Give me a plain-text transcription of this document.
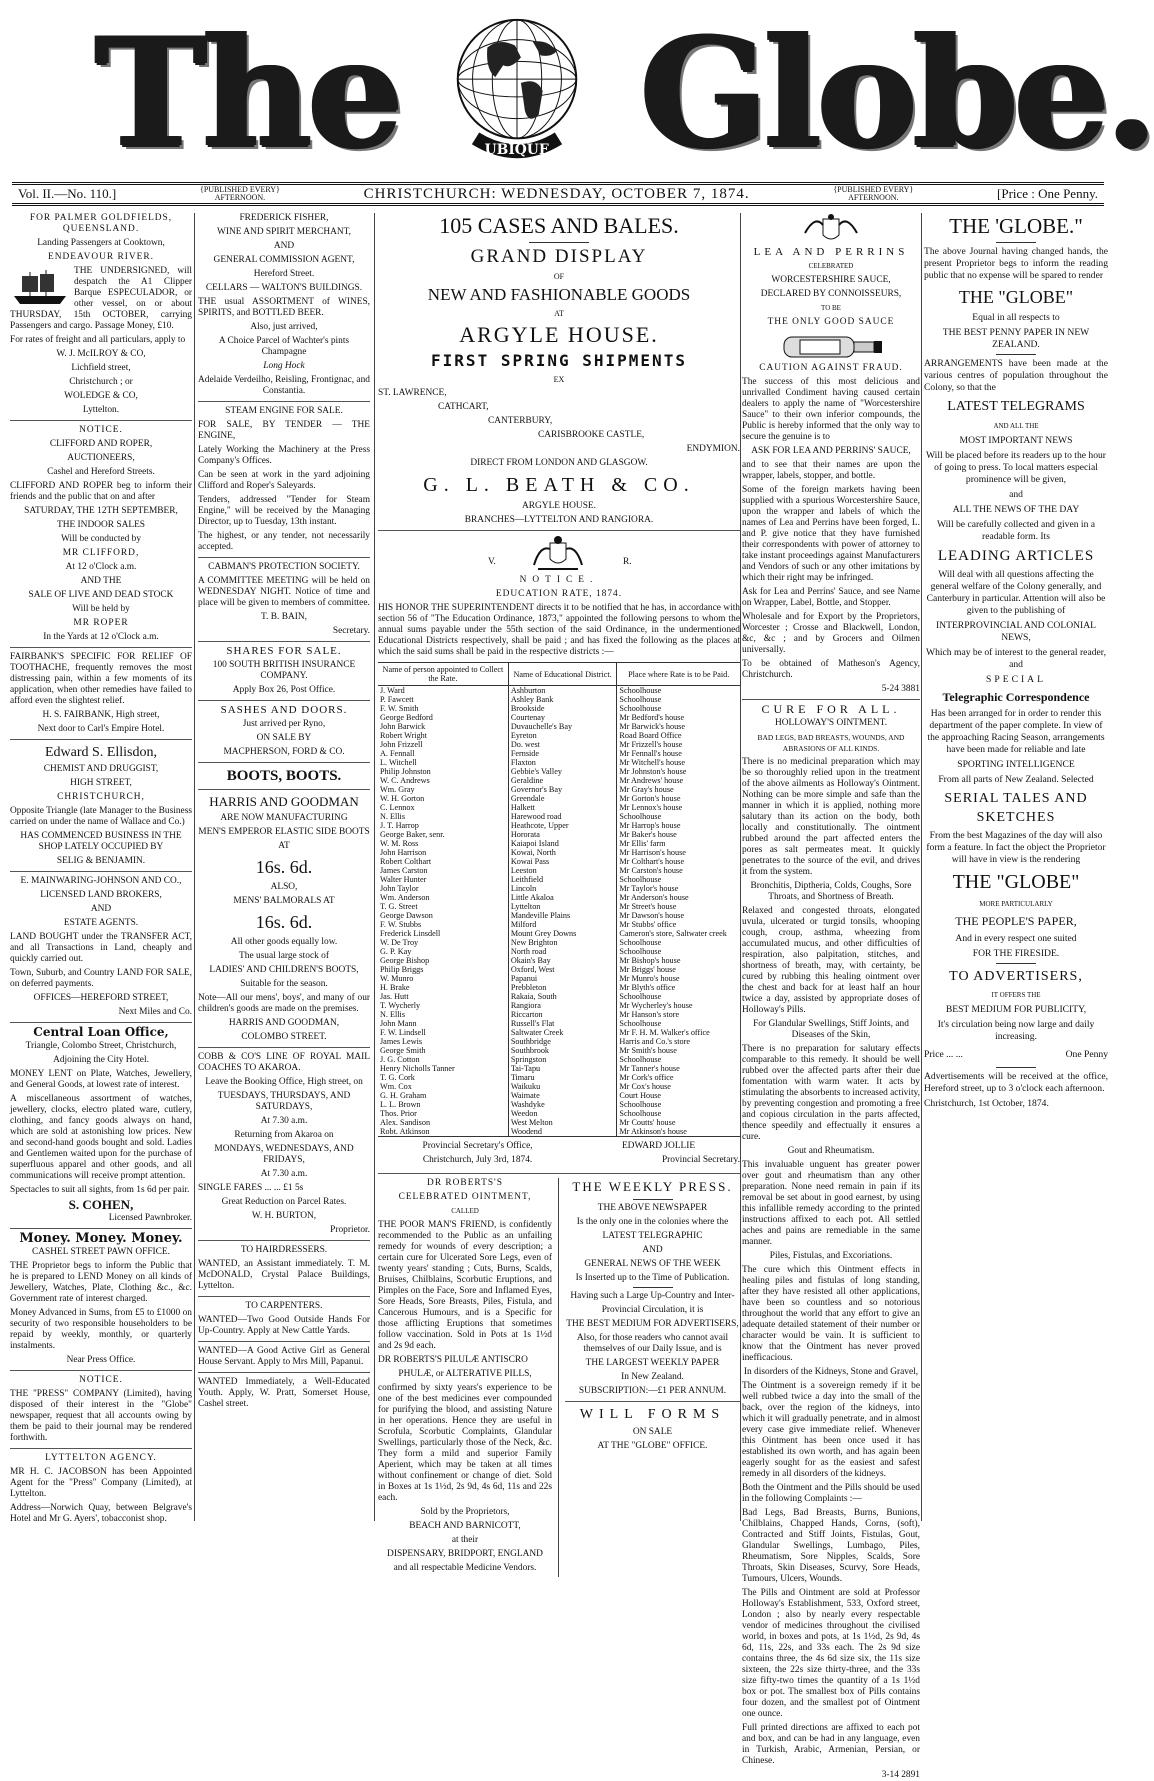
The	UBIQUE Globe.
Vol. II.—No. 110.]	{PUBLISHED EVERY}
AFTERNOON.	CHRISTCHURCH: WEDNESDAY, OCTOBER 7, 1874.	{PUBLISHED EVERY}
AFTERNOON.	[Price : One Penny.

FOR PALMER GOLDFIELDS, QUEENSLAND.

Landing Passengers at Cooktown,

ENDEAVOUR RIVER.

THE UNDERSIGNED, will despatch the A1 Clipper Barque ESPECULADOR, or other vessel, on or about THURSDAY, 15th OCTOBER, carrying Passengers and cargo. Passage Money, £10.

For rates of freight and all particulars, apply to

W. J. McILROY & CO,

Lichfield street,

Christchurch ; or

WOLEDGE & CO,

Lyttelton.

NOTICE.

CLIFFORD AND ROPER,

AUCTIONEERS,

Cashel and Hereford Streets.

CLIFFORD AND ROPER beg to inform their friends and the public that on and after

SATURDAY, THE 12TH SEPTEMBER,

THE INDOOR SALES

Will be conducted by

MR CLIFFORD,

At 12 o'Clock a.m.

AND THE

SALE OF LIVE AND DEAD STOCK

Will be held by

MR ROPER

In the Yards at 12 o'Clock a.m.

FAIRBANK'S SPECIFIC FOR RELIEF OF TOOTHACHE, frequently removes the most distressing pain, within a few moments of its application, when other remedies have failed to afford even the slightest relief.

H. S. FAIRBANK, High street,

Next door to Carl's Empire Hotel.

Edward S. Ellisdon,

CHEMIST AND DRUGGIST,

HIGH STREET,

CHRISTCHURCH,

Opposite Triangle (late Manager to the Business carried on under the name of Wallace and Co.)

HAS COMMENCED BUSINESS IN THE SHOP LATELY OCCUPIED BY

SELIG & BENJAMIN.

E. MAINWARING-JOHNSON AND CO.,

LICENSED LAND BROKERS,

AND

ESTATE AGENTS.

LAND BOUGHT under the TRANSFER ACT, and all Transactions in Land, cheaply and quickly carried out.

Town, Suburb, and Country LAND FOR SALE, on deferred payments.

OFFICES—HEREFORD STREET,

Next Miles and Co.

Central Loan Office,

Triangle, Colombo Street, Christchurch,

Adjoining the City Hotel.

MONEY LENT on Plate, Watches, Jewellery, and General Goods, at lowest rate of interest.

A miscellaneous assortment of watches, jewellery, clocks, electro plated ware, cutlery, clothing, and fancy goods always on hand, which are sold at astonishing low prices. New and second-hand goods bought and sold. Ladies and Gentlemen waited upon for the purchase of superfluous apparel and other goods, and all communications will receive prompt attention.

Spectacles to suit all sights, from 1s 6d per pair.

S. COHEN,

Licensed Pawnbroker.

Money. Money. Money.

CASHEL STREET PAWN OFFICE.

THE Proprietor begs to inform the Public that he is prepared to LEND Money on all kinds of Jewellery, Watches, Plate, Clothing &c., &c. Government rate of interest charged.

Money Advanced in Sums, from £5 to £1000 on security of two responsible householders to be repaid by weekly, monthly, or quarterly instalments.

Near Press Office.

NOTICE.

THE "PRESS" COMPANY (Limited), having disposed of their interest in the "Globe" newspaper, request that all accounts owing by them be paid to their journal may be rendered forthwith.

LYTTELTON AGENCY.

MR H. C. JACOBSON has been Appointed Agent for the "Press" Company (Limited), at Lyttelton.

Address—Norwich Quay, between Belgrave's Hotel and Mr G. Ayers', tobacconist shop.

FREDERICK FISHER,

WINE AND SPIRIT MERCHANT,

AND

GENERAL COMMISSION AGENT,

Hereford Street.

CELLARS — WALTON'S BUILDINGS.

THE usual ASSORTMENT of WINES, SPIRITS, and BOTTLED BEER.

Also, just arrived,

A Choice Parcel of Wachter's pints Champagne

Long Hock

Adelaide Verdeilho, Reisling, Frontignac, and Constantia.

STEAM ENGINE FOR SALE.

FOR SALE, BY TENDER — THE ENGINE,

Lately Working the Machinery at the Press Company's Offices.

Can be seen at work in the yard adjoining Clifford and Roper's Saleyards.

Tenders, addressed "Tender for Steam Engine," will be received by the Managing Director, up to Tuesday, 13th instant.

The highest, or any tender, not necessarily accepted.

CABMAN'S PROTECTION SOCIETY.

A COMMITTEE MEETING will be held on WEDNESDAY NIGHT. Notice of time and place will be given to members of committee.

T. B. BAIN,

Secretary.

SHARES FOR SALE.

100 SOUTH BRITISH INSURANCE COMPANY.

Apply Box 26, Post Office.

SASHES AND DOORS.

Just arrived per Ryno,

ON SALE BY

MACPHERSON, FORD & CO.

BOOTS, BOOTS.

HARRIS AND GOODMAN

ARE NOW MANUFACTURING

MEN'S EMPEROR ELASTIC SIDE BOOTS

AT

16s. 6d.

ALSO,

MENS' BALMORALS AT

16s. 6d.

All other goods equally low.

The usual large stock of

LADIES' AND CHILDREN'S BOOTS,

Suitable for the season.

Note—All our mens', boys', and many of our children's goods are made on the premises.

HARRIS AND GOODMAN,

COLOMBO STREET.

COBB & CO'S LINE OF ROYAL MAIL COACHES TO AKAROA.

Leave the Booking Office, High street, on

TUESDAYS, THURSDAYS, AND SATURDAYS,

At 7.30 a.m.

Returning from Akaroa on

MONDAYS, WEDNESDAYS, AND FRIDAYS,

At 7.30 a.m.

SINGLE FARES ... ... £1 5s

Great Reduction on Parcel Rates.

W. H. BURTON,

Proprietor.

TO HAIRDRESSERS.

WANTED, an Assistant immediately. T. M. McDONALD, Crystal Palace Buildings, Lyttelton.

TO CARPENTERS.

WANTED—Two Good Outside Hands For Up-Country. Apply at New Cattle Yards.

WANTED—A Good Active Girl as General House Servant. Apply to Mrs Mill, Papanui.

WANTED Immediately, a Well-Educated Youth. Apply, W. Pratt, Somerset House, Cashel street.

105 CASES AND BALES.

GRAND DISPLAY

OF

NEW AND FASHIONABLE GOODS

AT

ARGYLE HOUSE.

FIRST SPRING SHIPMENTS

EX

ST. LAWRENCE,

CATHCART,

CANTERBURY,

CARISBROOKE CASTLE,

ENDYMION.

DIRECT FROM LONDON AND GLASGOW.

G. L. BEATH & CO.

ARGYLE HOUSE.

BRANCHES—LYTTELTON AND RANGIORA.

V.	R.

NOTICE.

EDUCATION RATE, 1874.

HIS HONOR THE SUPERINTENDENT directs it to be notified that he has, in accordance with section 56 of "The Education Ordinance, 1873," appointed the following persons to whom the annual sums payable under the 55th section of the said Ordinance, in the undermentioned Educational Districts respectively, shall be paid ; and has fixed the following as the places at which the said sums shall be paid in the respective districts :—

Name of person appointed to Collect the Rate.	Name of Educational District.	Place where Rate is to be Paid.
J. Ward	Ashburton	Schoolhouse
P. Fawcett	Ashley Bank	Schoolhouse
F. W. Smith	Brookside	Schoolhouse
George Bedford	Courtenay	Mr Bedford's house
John Barwick	Duvauchelle's Bay	Mr Barwick's house
Robert Wright	Eyreton	Road Board Office
John Frizzell	Do. west	Mr Frizzell's house
A. Fennall	Fernside	Mr Fennall's house
L. Witchell	Flaxton	Mr Witchell's house
Philip Johnston	Gebbie's Valley	Mr Johnston's house
W. C. Andrews	Geraldine	Mr Andrews' house
Wm. Gray	Governor's Bay	Mr Gray's house
W. H. Gorton	Greendale	Mr Gorton's house
C. Lennox	Halkett	Mr Lennox's house
N. Ellis	Harewood road	Schoolhouse
J. T. Harrop	Heathcote, Upper	Mr Harrop's house
George Baker, senr.	Hororata	Mr Baker's house
W. M. Ross	Kaiapoi Island	Mr Ellis' farm
John Harrison	Kowai, North	Mr Harrison's house
Robert Colthart	Kowai Pass	Mr Colthart's house
James Carston	Leeston	Mr Carston's house
Walter Hunter	Leithfield	Schoolhouse
John Taylor	Lincoln	Mr Taylor's house
Wm. Anderson	Little Akaloa	Mr Anderson's house
T. G. Street	Lyttelton	Mr Street's house
George Dawson	Mandeville Plains	Mr Dawson's house
F. W. Stubbs	Milford	Mr Stubbs' office
Frederick Linsdell	Mount Grey Downs	Cameron's store, Saltwater creek
W. De Troy	New Brighton	Schoolhouse
G. P. Kay	North road	Schoolhouse
George Bishop	Okain's Bay	Mr Bishop's house
Philip Briggs	Oxford, West	Mr Briggs' house
W. Munro	Papanui	Mr Munro's house
H. Brake	Prebbleton	Mr Blyth's office
Jas. Hutt	Rakaia, South	Schoolhouse
T. Wycherly	Rangiora	Mr Wycherley's house
N. Ellis	Riccarton	Mr Hanson's store
John Mann	Russell's Flat	Schoolhouse
F. W. Lindsell	Saltwater Creek	Mr F. H. M. Walker's office
James Lewis	Southbridge	Harris and Co.'s store
George Smith	Southbrook	Mr Smith's house
J. G. Cotton	Springston	Schoolhouse
Henry Nicholls Tanner	Tai-Tapu	Mr Tanner's house
T. G. Cork	Timaru	Mr Cork's office
Wm. Cox	Waikuku	Mr Cox's house
G. H. Graham	Waimate	Court House
L. L. Brown	Washdyke	Schoolhouse
Thos. Prior	Weedon	Schoolhouse
Alex. Sandison	West Melton	Mr Coutts' house
Robt. Atkinson	Woodend	Mr Atkinson's house

Provincial Secretary's Office,

Christchurch, July 3rd, 1874.

EDWARD JOLLIE

Provincial Secretary.

DR ROBERTS'S

CELEBRATED OINTMENT,

CALLED

THE POOR MAN'S FRIEND, is confidently recommended to the Public as an unfailing remedy for wounds of every description; a certain cure for Ulcerated Sore Legs, even of twenty years' standing ; Cuts, Burns, Scalds, Bruises, Chilblains, Scorbutic Eruptions, and Pimples on the Face, Sore and Inflamed Eyes, Sore Heads, Sore Breasts, Piles, Fistula, and Cancerous Humours, and is a Specific for those afflicting Eruptions that sometimes follow vaccination. Sold in Pots at 1s 1½d and 2s 9d each.

DR ROBERTS'S PILULÆ ANTISCRO

PHULÆ, or ALTERATIVE PILLS,

confirmed by sixty years's experience to be one of the best medicines ever compounded for purifying the blood, and assisting Nature in her operations. Hence they are useful in Scrofula, Scorbutic Complaints, Glandular Swellings, particularly those of the Neck, &c. They form a mild and superior Family Aperient, which may be taken at all times without confinement or change of diet. Sold in Boxes at 1s 1½d, 2s 9d, 4s 6d, 11s and 22s each.

Sold by the Proprietors,

BEACH AND BARNICOTT,

at their

DISPENSARY, BRIDPORT, ENGLAND

and all respectable Medicine Vendors.

THE WEEKLY PRESS.

THE ABOVE NEWSPAPER

Is the only one in the colonies where the

LATEST TELEGRAPHIC

AND

GENERAL NEWS OF THE WEEK

Is Inserted up to the Time of Publication.

Having such a Large Up-Country and Inter-

Provincial Circulation, it is

THE BEST MEDIUM FOR ADVERTISERS,

Also, for those readers who cannot avail themselves of our Daily Issue, and is

THE LARGEST WEEKLY PAPER

In New Zealand.

SUBSCRIPTION:—£1 PER ANNUM.

WILL FORMS

ON SALE

AT THE "GLOBE" OFFICE.

LEA AND PERRINS

CELEBRATED

WORCESTERSHIRE SAUCE,

DECLARED BY CONNOISSEURS,

TO BE

THE ONLY GOOD SAUCE

CAUTION AGAINST FRAUD.

The success of this most delicious and unrivalled Condiment having caused certain dealers to apply the name of "Worcestershire Sauce" to their own inferior compounds, the Public is hereby informed that the only way to secure the genuine is to

ASK FOR LEA AND PERRINS' SAUCE,

and to see that their names are upon the wrapper, labels, stopper, and bottle.

Some of the foreign markets having been supplied with a spurious Worcestershire Sauce, upon the wrapper and labels of which the names of Lea and Perrins have been forged, L. and P. give notice that they have furnished their correspondents with power of attorney to take instant proceedings against Manufacturers and Vendors of such or any other imitations by which their right may be infringed.

Ask for Lea and Perrins' Sauce, and see Name on Wrapper, Label, Bottle, and Stopper.

Wholesale and for Export by the Proprietors, Worcester ; Crosse and Blackwell, London, &c, &c ; and by Grocers and Oilmen universally.

To be obtained of Matheson's Agency, Christchurch.

5-24 3881

CURE FOR ALL.

HOLLOWAY'S OINTMENT.

BAD LEGS, BAD BREASTS, WOUNDS, AND ABRASIONS OF ALL KINDS.

There is no medicinal preparation which may be so thoroughly relied upon in the treatment of the above ailments as Holloway's Ointment. Nothing can be more simple and safe than the manner in which it is applied, nothing more salutary than its action on the body, both locally and constitutionally. The ointment rubbed around the part affected enters the pores as salt permeates meat. It quickly penetrates to the source of the evil, and drives it from the system.

Bronchitis, Diptheria, Colds, Coughs, Sore Throats, and Shortness of Breath.

Relaxed and congested throats, elongated uvula, ulcerated or turgid tonsils, whooping cough, croup, asthma, wheezing from accumulated mucus, and other difficulties of respiration, also palpitation, stitches, and shortness of breath, may, with certainty, be cured by rubbing this healing ointment over the chest and back for at least half an hour twice a day, assisted by appropriate doses of Holloway's Pills.

For Glandular Swellings, Stiff Joints, and Diseases of the Skin,

There is no preparation for salutary effects comparable to this remedy. It should be well rubbed over the affected parts after their due fomentation with warm water. It acts by stimulating the absorbents to increased activity, by preventing congestion and promoting a free and copious circulation in the parts affected, thence speedily and effectually it ensures a cure.

Gout and Rheumatism.

This invaluable unguent has greater power over gout and rheumatism than any other preparation. None need remain in pain if its removal be set about in good earnest, by using this infallible remedy according to the printed instructions affixed to each pot. All settled aches and pains are remediable in the same manner.

Piles, Fistulas, and Excoriations.

The cure which this Ointment effects in healing piles and fistulas of long standing, after they have resisted all other applications, have been so countless and so notorious throughout the world that any effort to give an adequate detailed statement of their number or character would be vain. It is sufficient to know that the Ointment has never proved inefficacious.

In disorders of the Kidneys, Stone and Gravel,

The Ointment is a sovereign remedy if it be well rubbed twice a day into the small of the back, over the region of the kidneys, into which it will gradually penetrate, and in almost every case give immediate relief. Whenever this Ointment has been once used it has established its own worth, and has again been eagerly sought for as the easiest and safest remedy in all disorders of the kidneys.

Both the Ointment and the Pills should be used in the following Complaints :—

Bad Legs, Bad Breasts, Burns, Bunions, Chilblains, Chapped Hands, Corns, (soft), Contracted and Stiff Joints, Fistulas, Gout, Glandular Swellings, Lumbago, Piles, Rheumatism, Sore Nipples, Scalds, Sore Throats, Skin Diseases, Scurvy, Sore Heads, Tumours, Ulcers, Wounds.

The Pills and Ointment are sold at Professor Holloway's Establishment, 533, Oxford street, London ; also by nearly every respectable vendor of medicines throughout the civilised world, in boxes and pots, at 1s 1½d, 2s 9d, 4s 6d, 11s, 22s, and 33s each. The 2s 9d size contains three, the 4s 6d size six, the 11s size sixteen, the 22s size thirty-three, and the 33s size fifty-two times the quantity of a 1s 1½d box or pot. The smallest box of Pills contains four dozen, and the smallest pot of Ointment one ounce.

Full printed directions are affixed to each pot and box, and can be had in any language, even in Turkish, Arabic, Armenian, Persian, or Chinese.

3-14 2891

THE 'GLOBE."

The above Journal having changed hands, the present Proprietor begs to inform the reading public that no expense will be spared to render

THE "GLOBE"

Equal in all respects to

THE BEST PENNY PAPER IN NEW ZEALAND.

ARRANGEMENTS have been made at the various centres of population throughout the Colony, so that the

LATEST TELEGRAMS

AND ALL THE

MOST IMPORTANT NEWS

Will be placed before its readers up to the hour of going to press. To local matters especial prominence will be given,

and

ALL THE NEWS OF THE DAY

Will be carefully collected and given in a readable form. Its

LEADING ARTICLES

Will deal with all questions affecting the general welfare of the Colony generally, and Canterbury in particular. Attention will also be given to the publishing of

INTERPROVINCIAL AND COLONIAL NEWS,

Which may be of interest to the general reader, and

SPECIAL

Telegraphic Correspondence

Has been arranged for in order to render this department of the paper complete. In view of the approaching Racing Season, arrangements have been made for reliable and late

SPORTING INTELLIGENCE

From all parts of New Zealand. Selected

SERIAL TALES AND SKETCHES

From the best Magazines of the day will also form a feature. In fact the object the Proprietor will have in view is the rendering

THE "GLOBE"

MORE PARTICULARLY

THE PEOPLE'S PAPER,

And in every respect one suited

FOR THE FIRESIDE.

TO ADVERTISERS,

IT OFFERS THE

BEST MEDIUM FOR PUBLICITY,

It's circulation being now large and daily increasing.

Price ... ...	One Penny

Advertisements will be received at the office, Hereford street, up to 3 o'clock each afternoon.

Christchurch, 1st October, 1874.
